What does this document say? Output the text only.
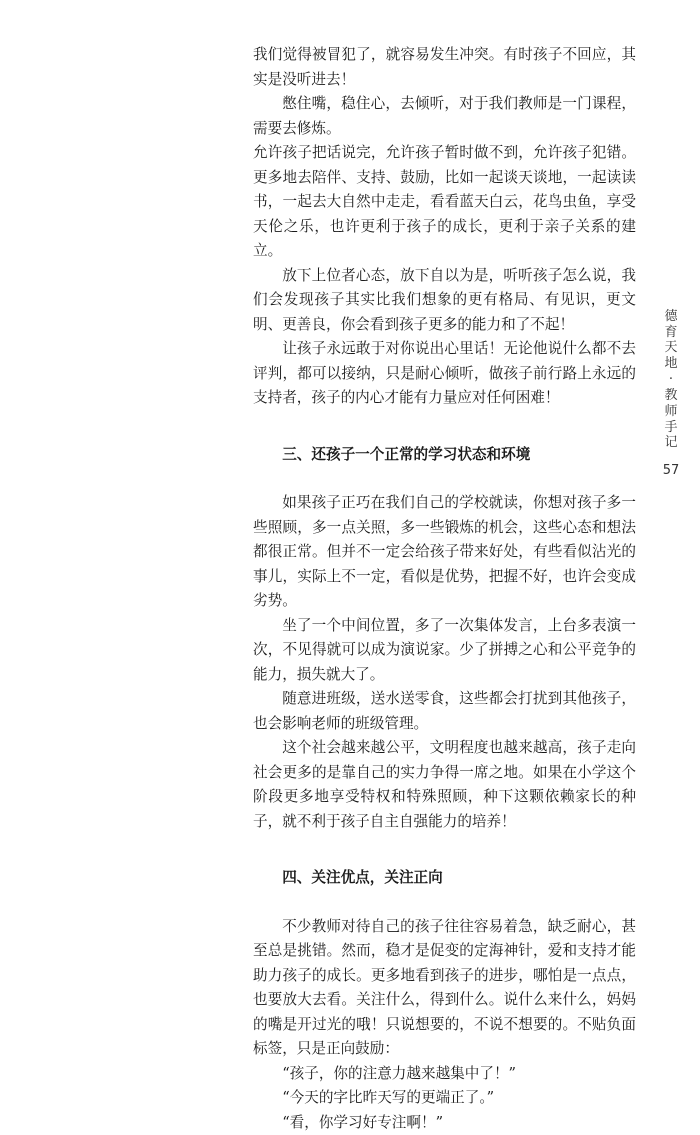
我们觉得被冒犯了，就容易发生冲突。有时孩子不回应，其实是没听进去！

憋住嘴，稳住心，去倾听，对于我们教师是一门课程，需要去修炼。

允许孩子把话说完，允许孩子暂时做不到，允许孩子犯错。更多地去陪伴、支持、鼓励，比如一起谈天谈地，一起读读书，一起去大自然中走走，看看蓝天白云，花鸟虫鱼，享受天伦之乐，也许更利于孩子的成长，更利于亲子关系的建立。

放下上位者心态，放下自以为是，听听孩子怎么说，我们会发现孩子其实比我们想象的更有格局、有见识，更文明、更善良，你会看到孩子更多的能力和了不起！

让孩子永远敢于对你说出心里话！无论他说什么都不去评判，都可以接纳，只是耐心倾听，做孩子前行路上永远的支持者，孩子的内心才能有力量应对任何困难！

三、还孩子一个正常的学习状态和环境

如果孩子正巧在我们自己的学校就读，你想对孩子多一些照顾，多一点关照，多一些锻炼的机会，这些心态和想法都很正常。但并不一定会给孩子带来好处，有些看似沾光的事儿，实际上不一定，看似是优势，把握不好，也许会变成劣势。

坐了一个中间位置，多了一次集体发言，上台多表演一次，不见得就可以成为演说家。少了拼搏之心和公平竞争的能力，损失就大了。

随意进班级，送水送零食，这些都会打扰到其他孩子，也会影响老师的班级管理。

这个社会越来越公平，文明程度也越来越高，孩子走向社会更多的是靠自己的实力争得一席之地。如果在小学这个阶段更多地享受特权和特殊照顾，种下这颗依赖家长的种子，就不利于孩子自主自强能力的培养！

四、关注优点，关注正向

不少教师对待自己的孩子往往容易着急，缺乏耐心，甚至总是挑错。然而，稳才是促变的定海神针，爱和支持才能助力孩子的成长。更多地看到孩子的进步，哪怕是一点点，也要放大去看。关注什么，得到什么。说什么来什么，妈妈的嘴是开过光的哦！只说想要的，不说不想要的。不贴负面标签，只是正向鼓励：

“孩子，你的注意力越来越集中了！”

“今天的字比昨天写的更端正了。”

“看，你学习好专注啊！”

德
育
天
地
·
教
师
手
记
57
